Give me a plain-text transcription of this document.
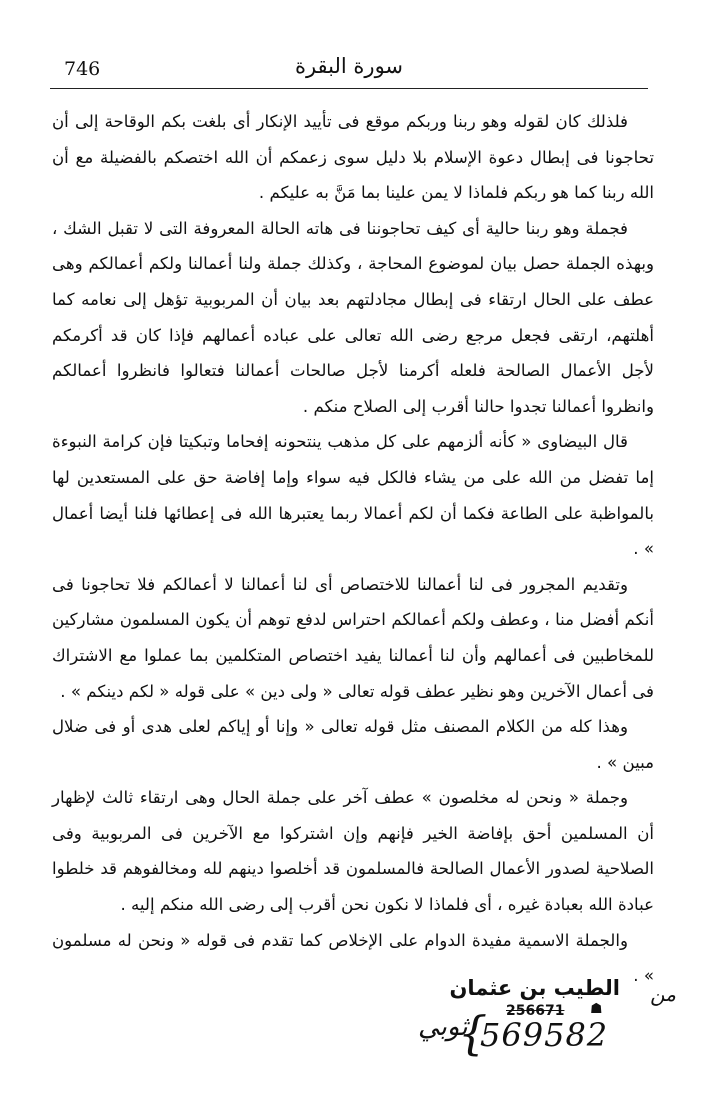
746	سورة البقرة

فلذلك كان لقوله وهو ربنا وربكم موقع فى تأييد الإنكار أى بلغت بكم الوقاحة إلى أن تحاجونا فى إبطال دعوة الإسلام بلا دليل سوى زعمكم أن الله اختصكم بالفضيلة مع أن الله ربنا كما هو ربكم فلماذا لا يمن علينا بما مَنَّ به عليكم .

فجملة وهو ربنا حالية أى كيف تحاجوننا فى هاته الحالة المعروفة التى لا تقبل الشك ، وبهذه الجملة حصل بيان لموضوع المحاجة ، وكذلك جملة ولنا أعمالنا ولكم أعمالكم وهى عطف على الحال ارتقاء فى إبطال مجادلتهم بعد بيان أن المربوبية تؤهل إلى نعامه كما أهلتهم، ارتقى فجعل مرجع رضى الله تعالى على عباده أعمالهم فإذا كان قد أكرمكم لأجل الأعمال الصالحة فلعله أكرمنا لأجل صالحات أعمالنا فتعالوا فانظروا أعمالكم وانظروا أعمالنا تجدوا حالنا أقرب إلى الصلاح منكم .

قال البيضاوى « كأنه ألزمهم على كل مذهب ينتحونه إفحاما وتبكيتا فإن كرامة النبوءة إما تفضل من الله على من يشاء فالكل فيه سواء وإما إفاضة حق على المستعدين لها بالمواظبة على الطاعة فكما أن لكم أعمالا ربما يعتبرها الله فى إعطائها فلنا أيضا أعمال » .

وتقديم المجرور فى لنا أعمالنا للاختصاص أى لنا أعمالنا لا أعمالكم فلا تحاجونا فى أنكم أفضل منا ، وعطف ولكم أعمالكم احتراس لدفع توهم أن يكون المسلمون مشاركين للمخاطبين فى أعمالهم وأن لنا أعمالنا يفيد اختصاص المتكلمين بما عملوا مع الاشتراك فى أعمال الآخرين وهو نظير عطف قوله تعالى « ولى دين » على قوله « لكم دينكم » .

وهذا كله من الكلام المصنف مثل قوله تعالى « وإنا أو إياكم لعلى هدى أو فى ضلال مبين » .

وجملة « ونحن له مخلصون » عطف آخر على جملة الحال وهى ارتقاء ثالث لإظهار أن المسلمين أحق بإفاضة الخير فإنهم وإن اشتركوا مع الآخرين فى المربوبية وفى الصلاحية لصدور الأعمال الصالحة فالمسلمون قد أخلصوا دينهم لله ومخالفوهم قد خلطوا عبادة الله بعبادة غيره ، أى فلماذا لا نكون نحن أقرب إلى رضى الله منكم إليه .

والجملة الاسمية مفيدة الدوام على الإخلاص كما تقدم فى قوله « ونحن له مسلمون » .

من
الطيب بن عثمان
256671 ☗
ثوبي
{
569582
